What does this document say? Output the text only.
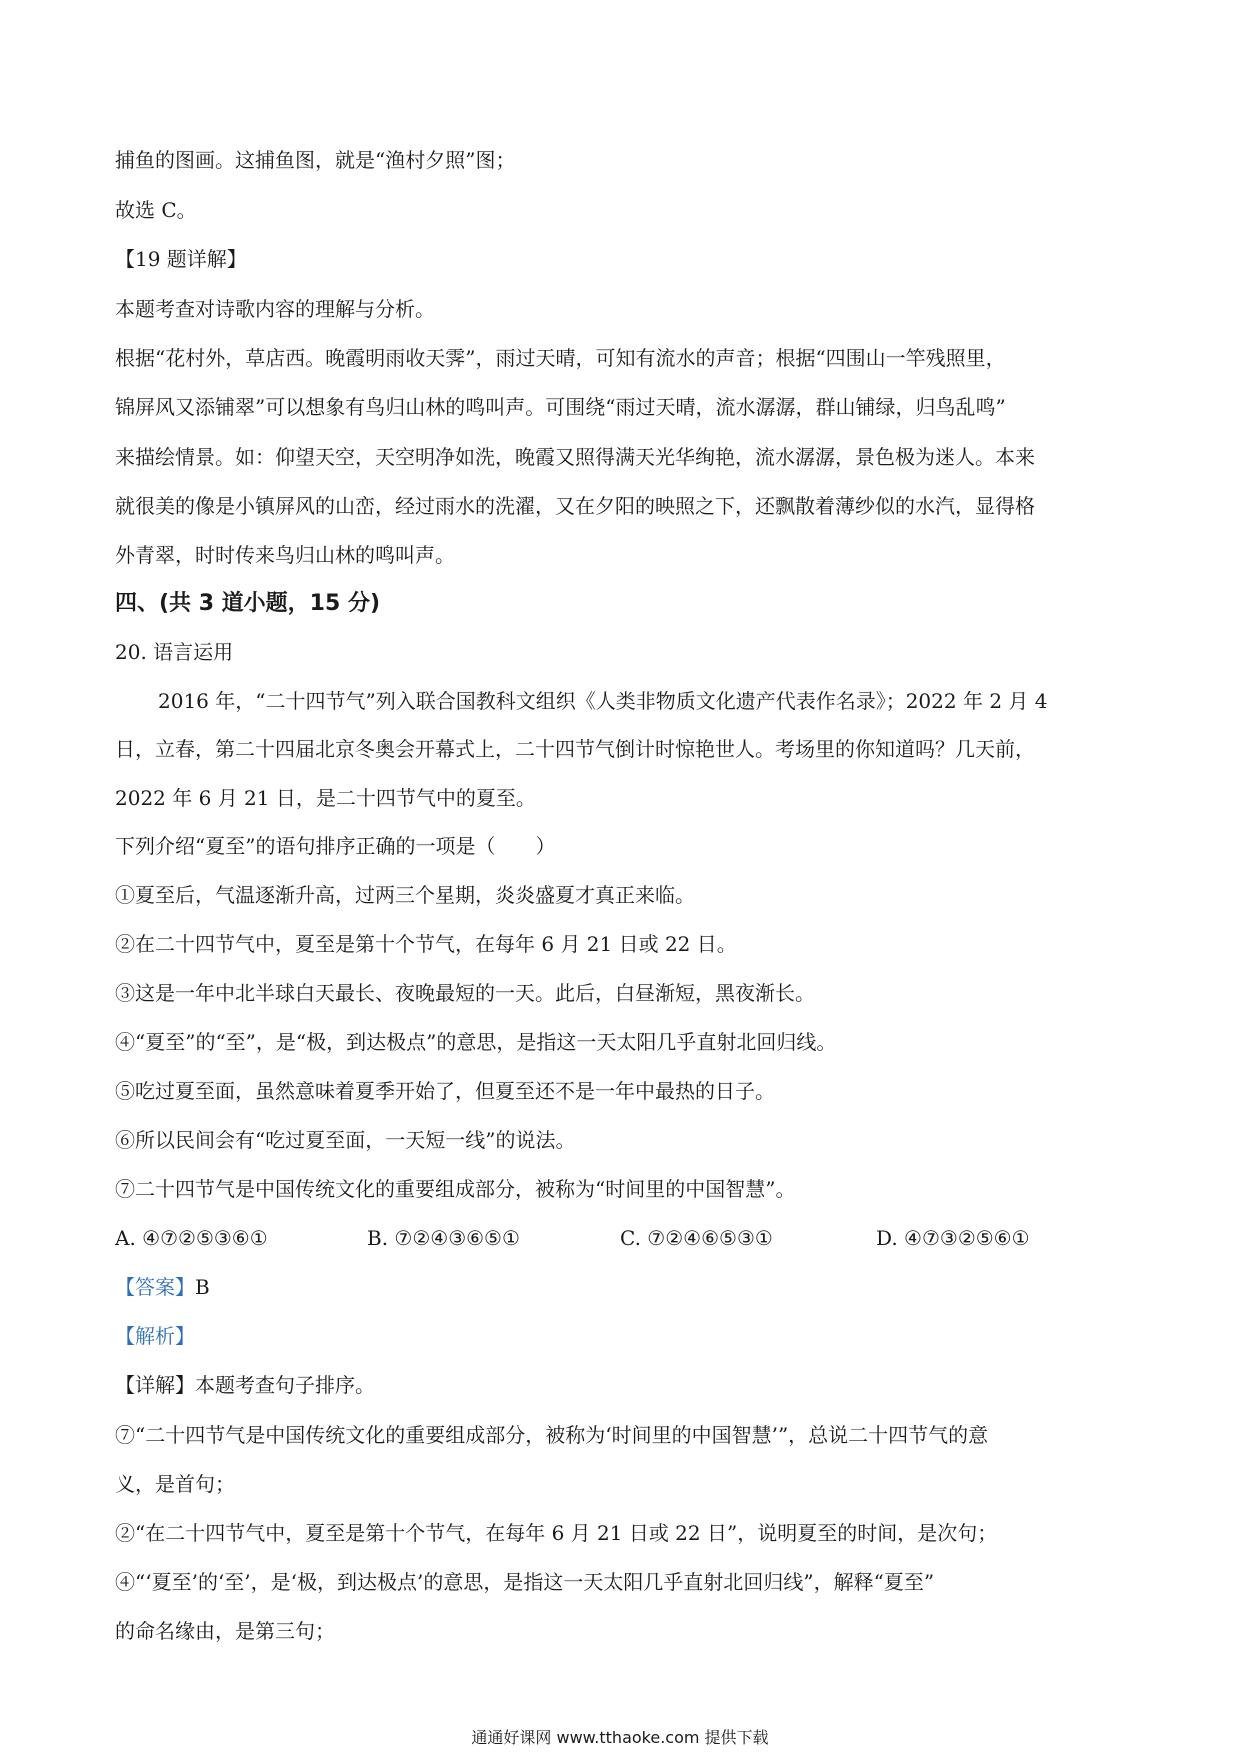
捕鱼的图画。这捕鱼图，就是“渔村夕照”图；
故选 C。
【19 题详解】
本题考查对诗歌内容的理解与分析。
根据“花村外，草店西。晚霞明雨收天霁”，雨过天晴，可知有流水的声音；根据“四围山一竿残照里，
锦屏风又添铺翠”可以想象有鸟归山林的鸣叫声。可围绕“雨过天晴，流水潺潺，群山铺绿，归鸟乱鸣”
来描绘情景。如：仰望天空，天空明净如洗，晚霞又照得满天光华绚艳，流水潺潺，景色极为迷人。本来
就很美的像是小镇屏风的山峦，经过雨水的洗濯，又在夕阳的映照之下，还飘散着薄纱似的水汽，显得格
外青翠，时时传来鸟归山林的鸣叫声。
四、(共 3 道小题，15 分)
20. 语言运用
2016 年，“二十四节气”列入联合国教科文组织《人类非物质文化遗产代表作名录》；2022 年 2 月 4
日，立春，第二十四届北京冬奥会开幕式上，二十四节气倒计时惊艳世人。考场里的你知道吗？几天前，
2022 年 6 月 21 日，是二十四节气中的夏至。
下列介绍“夏至”的语句排序正确的一项是（　　）
①夏至后，气温逐渐升高，过两三个星期，炎炎盛夏才真正来临。
②在二十四节气中，夏至是第十个节气，在每年 6 月 21 日或 22 日。
③这是一年中北半球白天最长、夜晚最短的一天。此后，白昼渐短，黑夜渐长。
④“夏至”的“至”，是“极，到达极点”的意思，是指这一天太阳几乎直射北回归线。
⑤吃过夏至面，虽然意味着夏季开始了，但夏至还不是一年中最热的日子。
⑥所以民间会有“吃过夏至面，一天短一线”的说法。
⑦二十四节气是中国传统文化的重要组成部分，被称为“时间里的中国智慧”。
A. ④⑦②⑤③⑥①	B. ⑦②④③⑥⑤①	C. ⑦②④⑥⑤③①	D. ④⑦③②⑤⑥①
【答案】B
【解析】
【详解】本题考查句子排序。
⑦“二十四节气是中国传统文化的重要组成部分，被称为‘时间里的中国智慧’”，总说二十四节气的意
义，是首句；
②“在二十四节气中，夏至是第十个节气，在每年 6 月 21 日或 22 日”，说明夏至的时间，是次句；
④“‘夏至’的‘至’，是‘极，到达极点’的意思，是指这一天太阳几乎直射北回归线”，解释“夏至”
的命名缘由，是第三句；
通通好课网 www.tthaoke.com 提供下载
